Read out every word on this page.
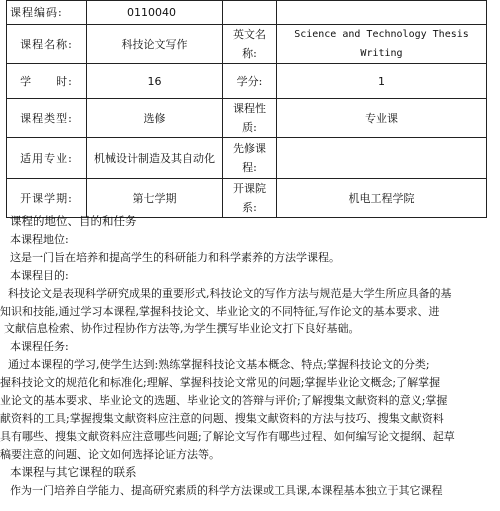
课程编码:	0110040		
课程名称:	科技论文写作	英文名称:	Science and Technology Thesis Writing
学　　时:	16	学分:	1
课程类型:	选修	课程性质:	专业课
适用专业:	机械设计制造及其自动化	先修课程:	
开课学期:	第七学期	开课院系:	机电工程学院

课程的地位、目的和任务

本课程地位:

这是一门旨在培养和提高学生的科研能力和科学素养的方法学课程。

本课程目的:

科技论文是表现科学研究成果的重要形式,科技论文的写作方法与规范是大学生所应具备的基

知识和技能,通过学习本课程,掌握科技论文、毕业论文的不同特征,写作论文的基本要求、进

文献信息检索、协作过程协作方法等,为学生撰写毕业论文打下良好基础。

本课程任务:

通过本课程的学习,使学生达到:熟练掌握科技论文基本概念、特点;掌握科技论文的分类;

握科技论文的规范化和标准化;理解、掌握科技论文常见的问题;掌握毕业论文概念;了解掌握

业论文的基本要求、毕业论文的选题、毕业论文的答辩与评价;了解搜集文献资料的意义;掌握

献资料的工具;掌握搜集文献资料应注意的问题、搜集文献资料的方法与技巧、搜集文献资料

具有哪些、搜集文献资料应注意哪些问题;了解论文写作有哪些过程、如何编写论文提纲、起草

稿要注意的问题、论文如何选择论证方法等。

本课程与其它课程的联系

作为一门培养自学能力、提高研究素质的科学方法课或工具课,本课程基本独立于其它课程
